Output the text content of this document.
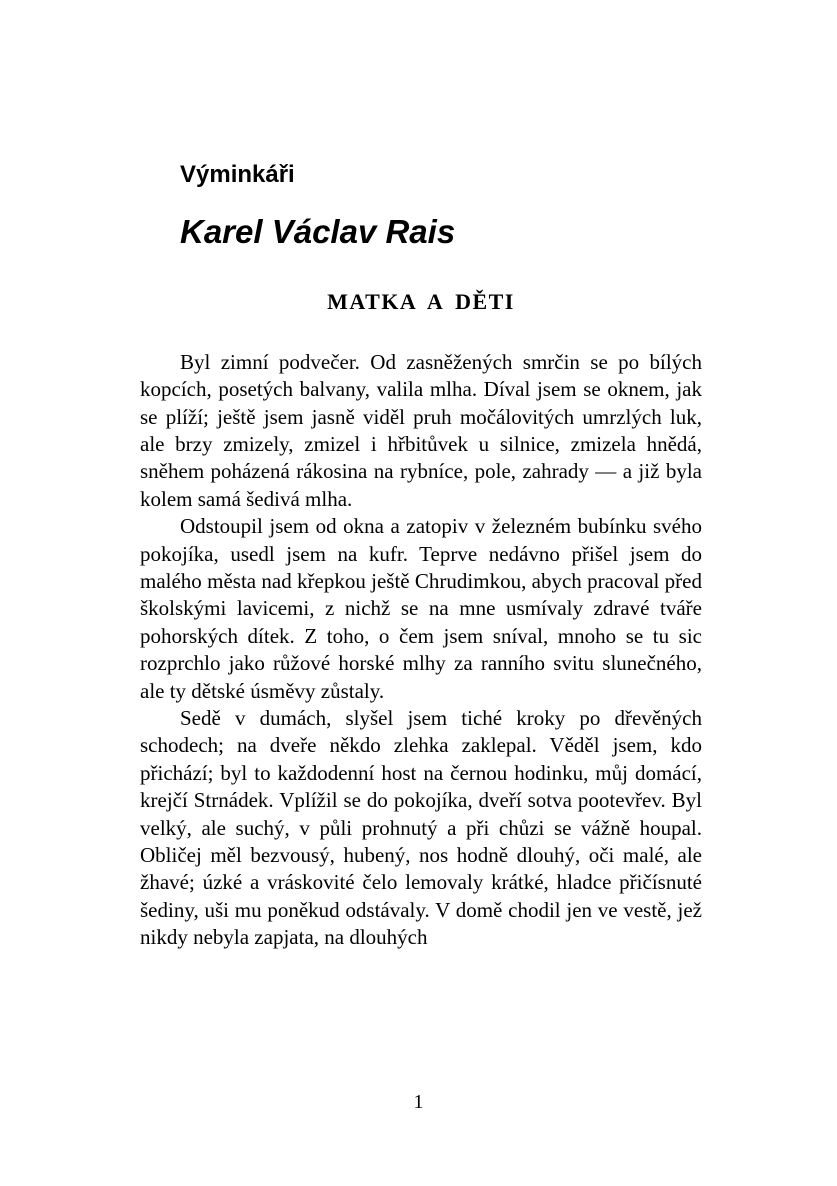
Výminkáři
Karel Václav Rais
MATKA A DĚTI

Byl zimní podvečer. Od zasněžených smrčin se po bílých kopcích, posetých balvany, valila mlha. Díval jsem se oknem, jak se plíží; ještě jsem jasně viděl pruh močálovitých umrzlých luk, ale brzy zmizely, zmizel i hřbitůvek u silnice, zmizela hnědá, sněhem poházená rákosina na rybníce, pole, zahrady — a již byla kolem samá šedivá mlha.

Odstoupil jsem od okna a zatopiv v železném bubínku svého pokojíka, usedl jsem na kufr. Teprve nedávno přišel jsem do malého města nad křepkou ještě Chrudimkou, abych pracoval před školskými lavicemi, z nichž se na mne usmívaly zdravé tváře pohorských dítek. Z toho, o čem jsem sníval, mnoho se tu sic rozprchlo jako růžové horské mlhy za ranního svitu slunečného, ale ty dětské úsměvy zůstaly.

Sedě v dumách, slyšel jsem tiché kroky po dřevěných schodech; na dveře někdo zlehka zaklepal. Věděl jsem, kdo přichází; byl to každodenní host na černou hodinku, můj domácí, krejčí Strnádek. Vplížil se do pokojíka, dveří sotva pootevřev. Byl velký, ale suchý, v půli prohnutý a při chůzi se vážně houpal. Obličej měl bezvousý, hubený, nos hodně dlouhý, oči malé, ale žhavé; úzké a vráskovité čelo lemovaly krátké, hladce přičísnuté šediny, uši mu poněkud odstávaly. V domě chodil jen ve vestě, jež nikdy nebyla zapjata, na dlouhých

1
